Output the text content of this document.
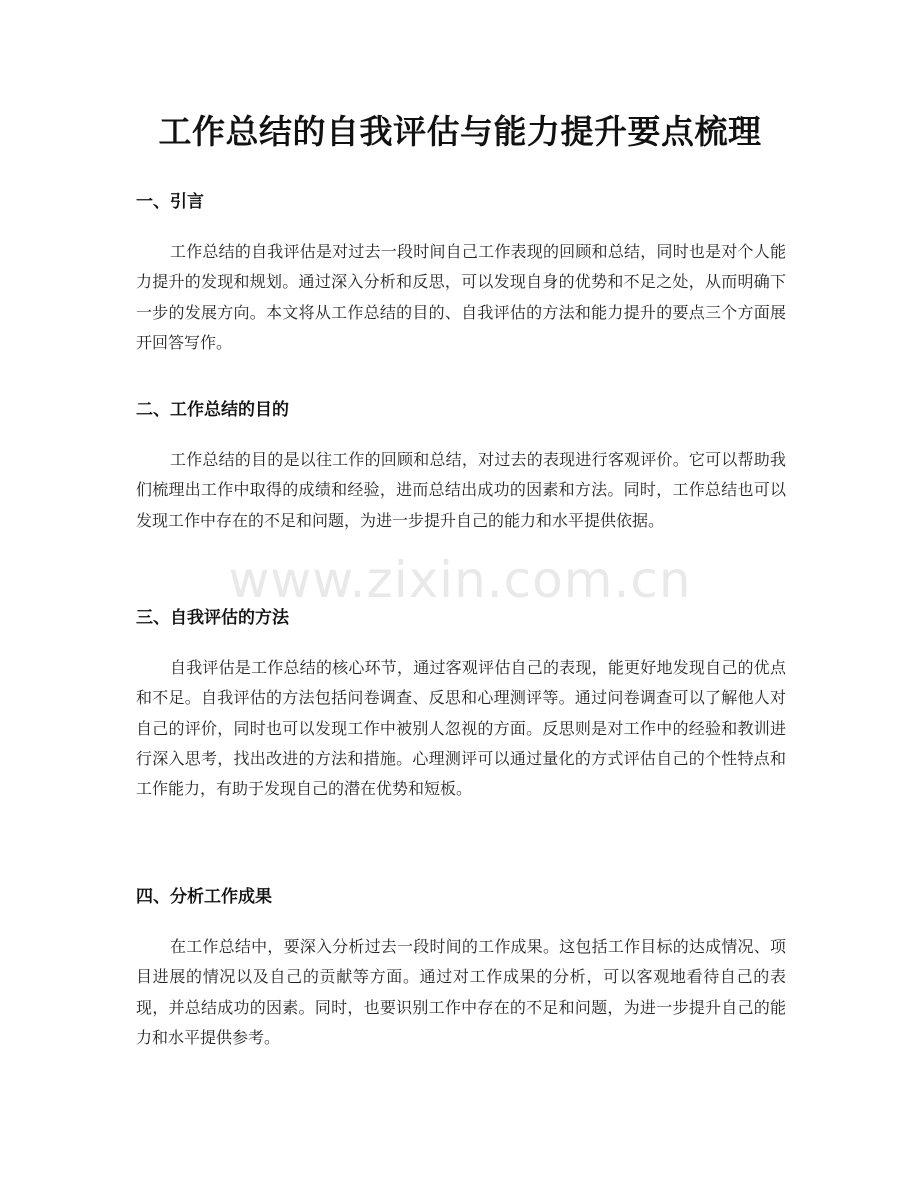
工作总结的自我评估与能力提升要点梳理
一、引言

工作总结的自我评估是对过去一段时间自己工作表现的回顾和总结，同时也是对个人能力提升的发现和规划。通过深入分析和反思，可以发现自身的优势和不足之处，从而明确下一步的发展方向。本文将从工作总结的目的、自我评估的方法和能力提升的要点三个方面展开回答写作。

二、工作总结的目的

工作总结的目的是以往工作的回顾和总结，对过去的表现进行客观评价。它可以帮助我们梳理出工作中取得的成绩和经验，进而总结出成功的因素和方法。同时，工作总结也可以发现工作中存在的不足和问题，为进一步提升自己的能力和水平提供依据。

三、自我评估的方法

自我评估是工作总结的核心环节，通过客观评估自己的表现，能更好地发现自己的优点和不足。自我评估的方法包括问卷调查、反思和心理测评等。通过问卷调查可以了解他人对自己的评价，同时也可以发现工作中被别人忽视的方面。反思则是对工作中的经验和教训进行深入思考，找出改进的方法和措施。心理测评可以通过量化的方式评估自己的个性特点和工作能力，有助于发现自己的潜在优势和短板。

四、分析工作成果

在工作总结中，要深入分析过去一段时间的工作成果。这包括工作目标的达成情况、项目进展的情况以及自己的贡献等方面。通过对工作成果的分析，可以客观地看待自己的表现，并总结成功的因素。同时，也要识别工作中存在的不足和问题，为进一步提升自己的能力和水平提供参考。

www.zixin.com.cn
